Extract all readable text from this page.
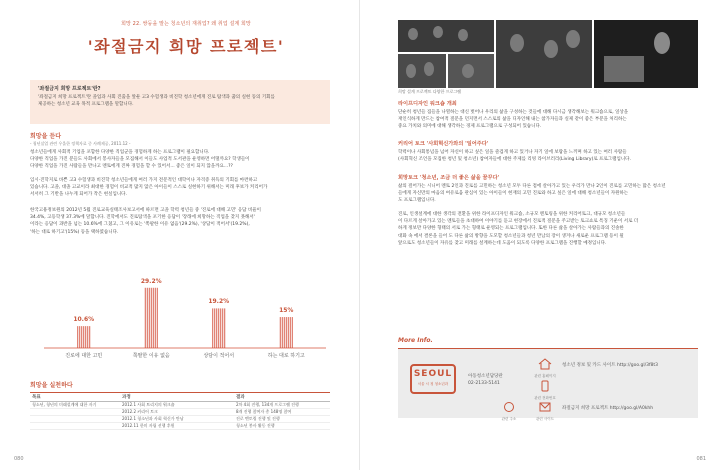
희망 22. 쌍둥을 말는 청소년의 재취업? 왜 취업 설계 희망
'좌절금지 희망 프로젝트'
'좌절금지 희망 프로젝트'란?
'좌절금지 희망 프로젝트'란 졸업과 사회 진출을 앞둔 고3 수험생과 비진학 청소년에게 진로 탐색과 꿈의 실현 동의 기회를
제공하는 청소년 교육 목적 프로그램을 말합니다.
희망을 듣다
- 청년실업 관련 우울한 정책자료 중 사례제공, 2011.12 -
청소년들에게 사회적 기업을 포함한 다양한 직업군을 경험하게 하는 프로그램이 필요합니다.
다양한 직업을 가진 분들도 사회에서 봉사자들을 모집해서 이들도 사업적 도서관을 운영하면 어떨까요? 학생들이
다양한 직업을 가진 사람들을 만나고 멘토에게 진짜 경험을 할 수 있어서... 좋은 일이 되지 않을까요...??
입시·진학지로 바쁜 고3 수험생과 비진학 청소년들에게 여러 가지 전문적인 대학이나 자격증 취득의 기회를 마련하고
있습니다. 고졸, 대졸 고교이라 최대한 경험이 비교적 많지 않은 아이들이 스스로 실현하기 위해서는 미래 후보가 커리어가
서서히 그 기반을 나누게 되어가 작은 현실입니다.
한국고용정보원의 2012년 5월 진로교육실태조사보고서에 따르면 고졸 학력 청년들 중 '진로에 대해 고민' 응답 비율이
34.4%, 고등학생 37.3%에 달합니다. 진학에서도 진로탐색을 포기한 응답이 '장래에 희망하는 직업을 찾지 못해서'
이라는 응답이 과반을 넘는 10.6%에 그쳤고, 그 이유로는 '쪽팔한 이유 없음'(29.2%), '상담이 적어서'(19.2%),
'하는 대로 하기고'(15%) 등을 택하였습니다.
10.6%
진로에 대한 고민
29.2%
쪽팔한 이유 없음
19.2%
상담이 적어서
15%
하는 대로 하기고
희망을 실천하다
목표	과정	결과
청소년, 청년의 미래설계에 대한 자기	2012.1 사회 트리지의 워크숍	2차 4회 진행, 134개 프로그램 진행
	2012.2 커리어 토크	8개 진행 참여자 총 148명 참여
	2012.1 청소년과 사회 혁신가 만남	진로 멘토링 진행 및 진행
	2012.11 한미 자립 선행 후원	청소년 봉사 활동 진행
080
희망 설계 프로젝트 다양한 프로그램
라이프디자인 워크숍 개최
단순히 청년들 집들을 나열하는 대신 벗어나 우리의 삶을 구성하는 것들에 대해 다시금 생각해보는 워크숍으로, 일상을
재인식하게 만드는 참여적 질문을 던지면서 스스로의 삶을 디자인해 내는 참가자들과 실제 같이 좋은 부분을 처리하는
중요 가치와 의미에 대해 생각하는 경제 프로그램으로 구성되어 있습니다.
커리어 토크 '사회혁신가와의 '일어주다'
학력이나 사회통념을 넘어 자신이 하고 싶은 일을 즐겁게 하고 있거나 자기 일에 보람을 느끼며 하고 있는 여러 사람들
(사회혁신 조언을 모집한 청년 및 청소년) 참여자들에 대한 주제를 리빙 라이브러리(Living Library)로 프로그램입니다.
희망토크 '청소년, 조금 더 좋은 삶을 꿈꾸다'
삶의 걸어가는 시니어 멘토 2인과 진로를 고민하는 청소년 모두 다른 점에 살아가고 있는 우리가 만나 2인이 진로를 고민하는 많은 청소년
들에게 자신만의 마음의 여유로움 관심이 있는 아이들이 현재의 고민 진로와 하고 싶은 일에 대해 청소년들이 자원하는
도 프로그램입니다.
진로, 인생설계에 대한 생각의 전환을 위한 라이프디자인 워크숍, 소규모 멘토링을 위한 커리어토크, 대규모 청소년들
이 다르게 살아가고 있는 멘토들을 초대하여 이야기를 듣고 현장에서 진로적 질문을 주고받는 토크쇼로 특징 기운이 서로 더
하게 정보만 다양한 형태의 서로 가는 형태로 운영되는 프로그램입니다. 또한 다른 삶을 살아가는 사람들과의 진솔한
대화 속 에서 결론을 들어 도 다른 삶의 방향을 도모할 청소년들과 청년 만남의 장이 생겨나 새로운 프로그램 등이 될
앞으로도 청소년들이 자유를 찾고 미래를 설계하는데 도움이 되도록 다양한 프로그램을 진행할 예정입니다.
More Info.
SEOUL
서울 시 청 청소년과
아동청소년담당관
02-2133-5141
관련 홈페이지
청소년 정보 및 카드 사이트 http://goo.gl/3f8t3
관련 전화번호
관련 사이트
좌절금지 희망 프로젝트 http://goo.gl/A0khh
관련 주소
081
